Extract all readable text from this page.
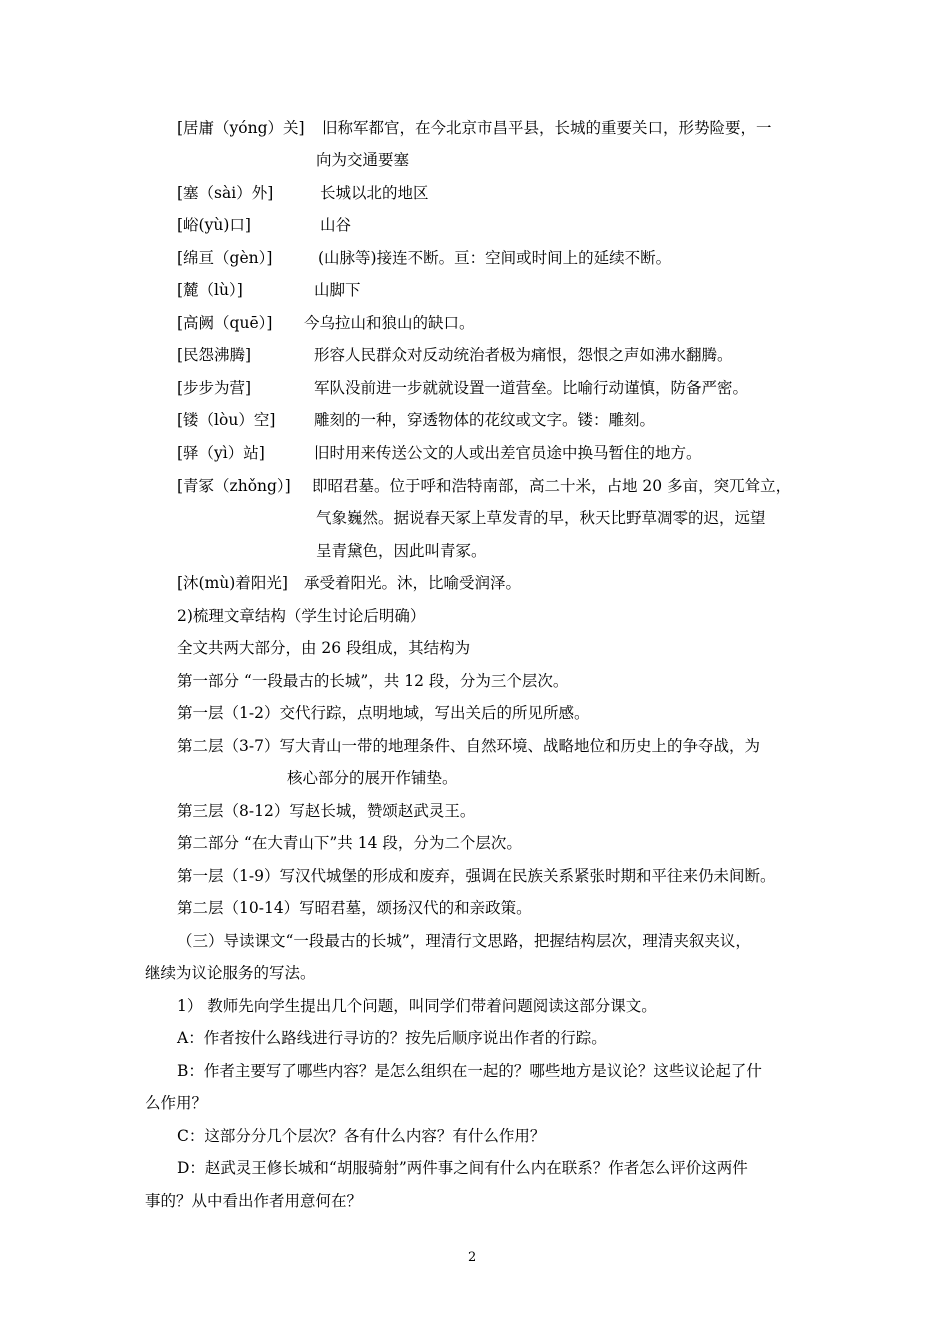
[居庸（yóng）关] 旧称军都官，在今北京市昌平县，长城的重要关口，形势险要，一
向为交通要塞
[塞（sài）外]	长城以北的地区
[峪(yù)口]	山谷
[绵亘（gèn）]	(山脉等)接连不断。亘：空间或时间上的延续不断。
[麓（lù）]	山脚下
[高阙（quē）] 今乌拉山和狼山的缺口。
[民怨沸腾]	形容人民群众对反动统治者极为痛恨，怨恨之声如沸水翻腾。
[步步为营]	军队没前进一步就就设置一道营垒。比喻行动谨慎，防备严密。
[镂（lòu）空] 雕刻的一种，穿透物体的花纹或文字。镂：雕刻。
[驿（yì）站]	旧时用来传送公文的人或出差官员途中换马暂住的地方。
[青冢（zhǒng）] 即昭君墓。位于呼和浩特南部，高二十米，占地 20 多亩，突兀耸立，
气象巍然。据说春天冢上草发青的早，秋天比野草凋零的迟，远望
呈青黛色，因此叫青冢。
[沐(mù)着阳光] 承受着阳光。沐，比喻受润泽。
2)梳理文章结构（学生讨论后明确）
全文共两大部分，由 26 段组成，其结构为
第一部分 “一段最古的长城”，共 12 段，分为三个层次。
第一层（1-2）交代行踪，点明地域，写出关后的所见所感。
第二层（3-7）写大青山一带的地理条件、自然环境、战略地位和历史上的争夺战，为
核心部分的展开作铺垫。
第三层（8-12）写赵长城，赞颂赵武灵王。
第二部分 “在大青山下”共 14 段，分为二个层次。
第一层（1-9）写汉代城堡的形成和废弃，强调在民族关系紧张时期和平往来仍未间断。
第二层（10-14）写昭君墓，颂扬汉代的和亲政策。
（三）导读课文“一段最古的长城”，理清行文思路，把握结构层次，理清夹叙夹议，
继续为议论服务的写法。
1） 教师先向学生提出几个问题，叫同学们带着问题阅读这部分课文。
A：作者按什么路线进行寻访的？按先后顺序说出作者的行踪。
B：作者主要写了哪些内容？是怎么组织在一起的？哪些地方是议论？这些议论起了什
么作用？
C：这部分分几个层次？各有什么内容？有什么作用？
D：赵武灵王修长城和“胡服骑射”两件事之间有什么内在联系？作者怎么评价这两件
事的？从中看出作者用意何在？
2
